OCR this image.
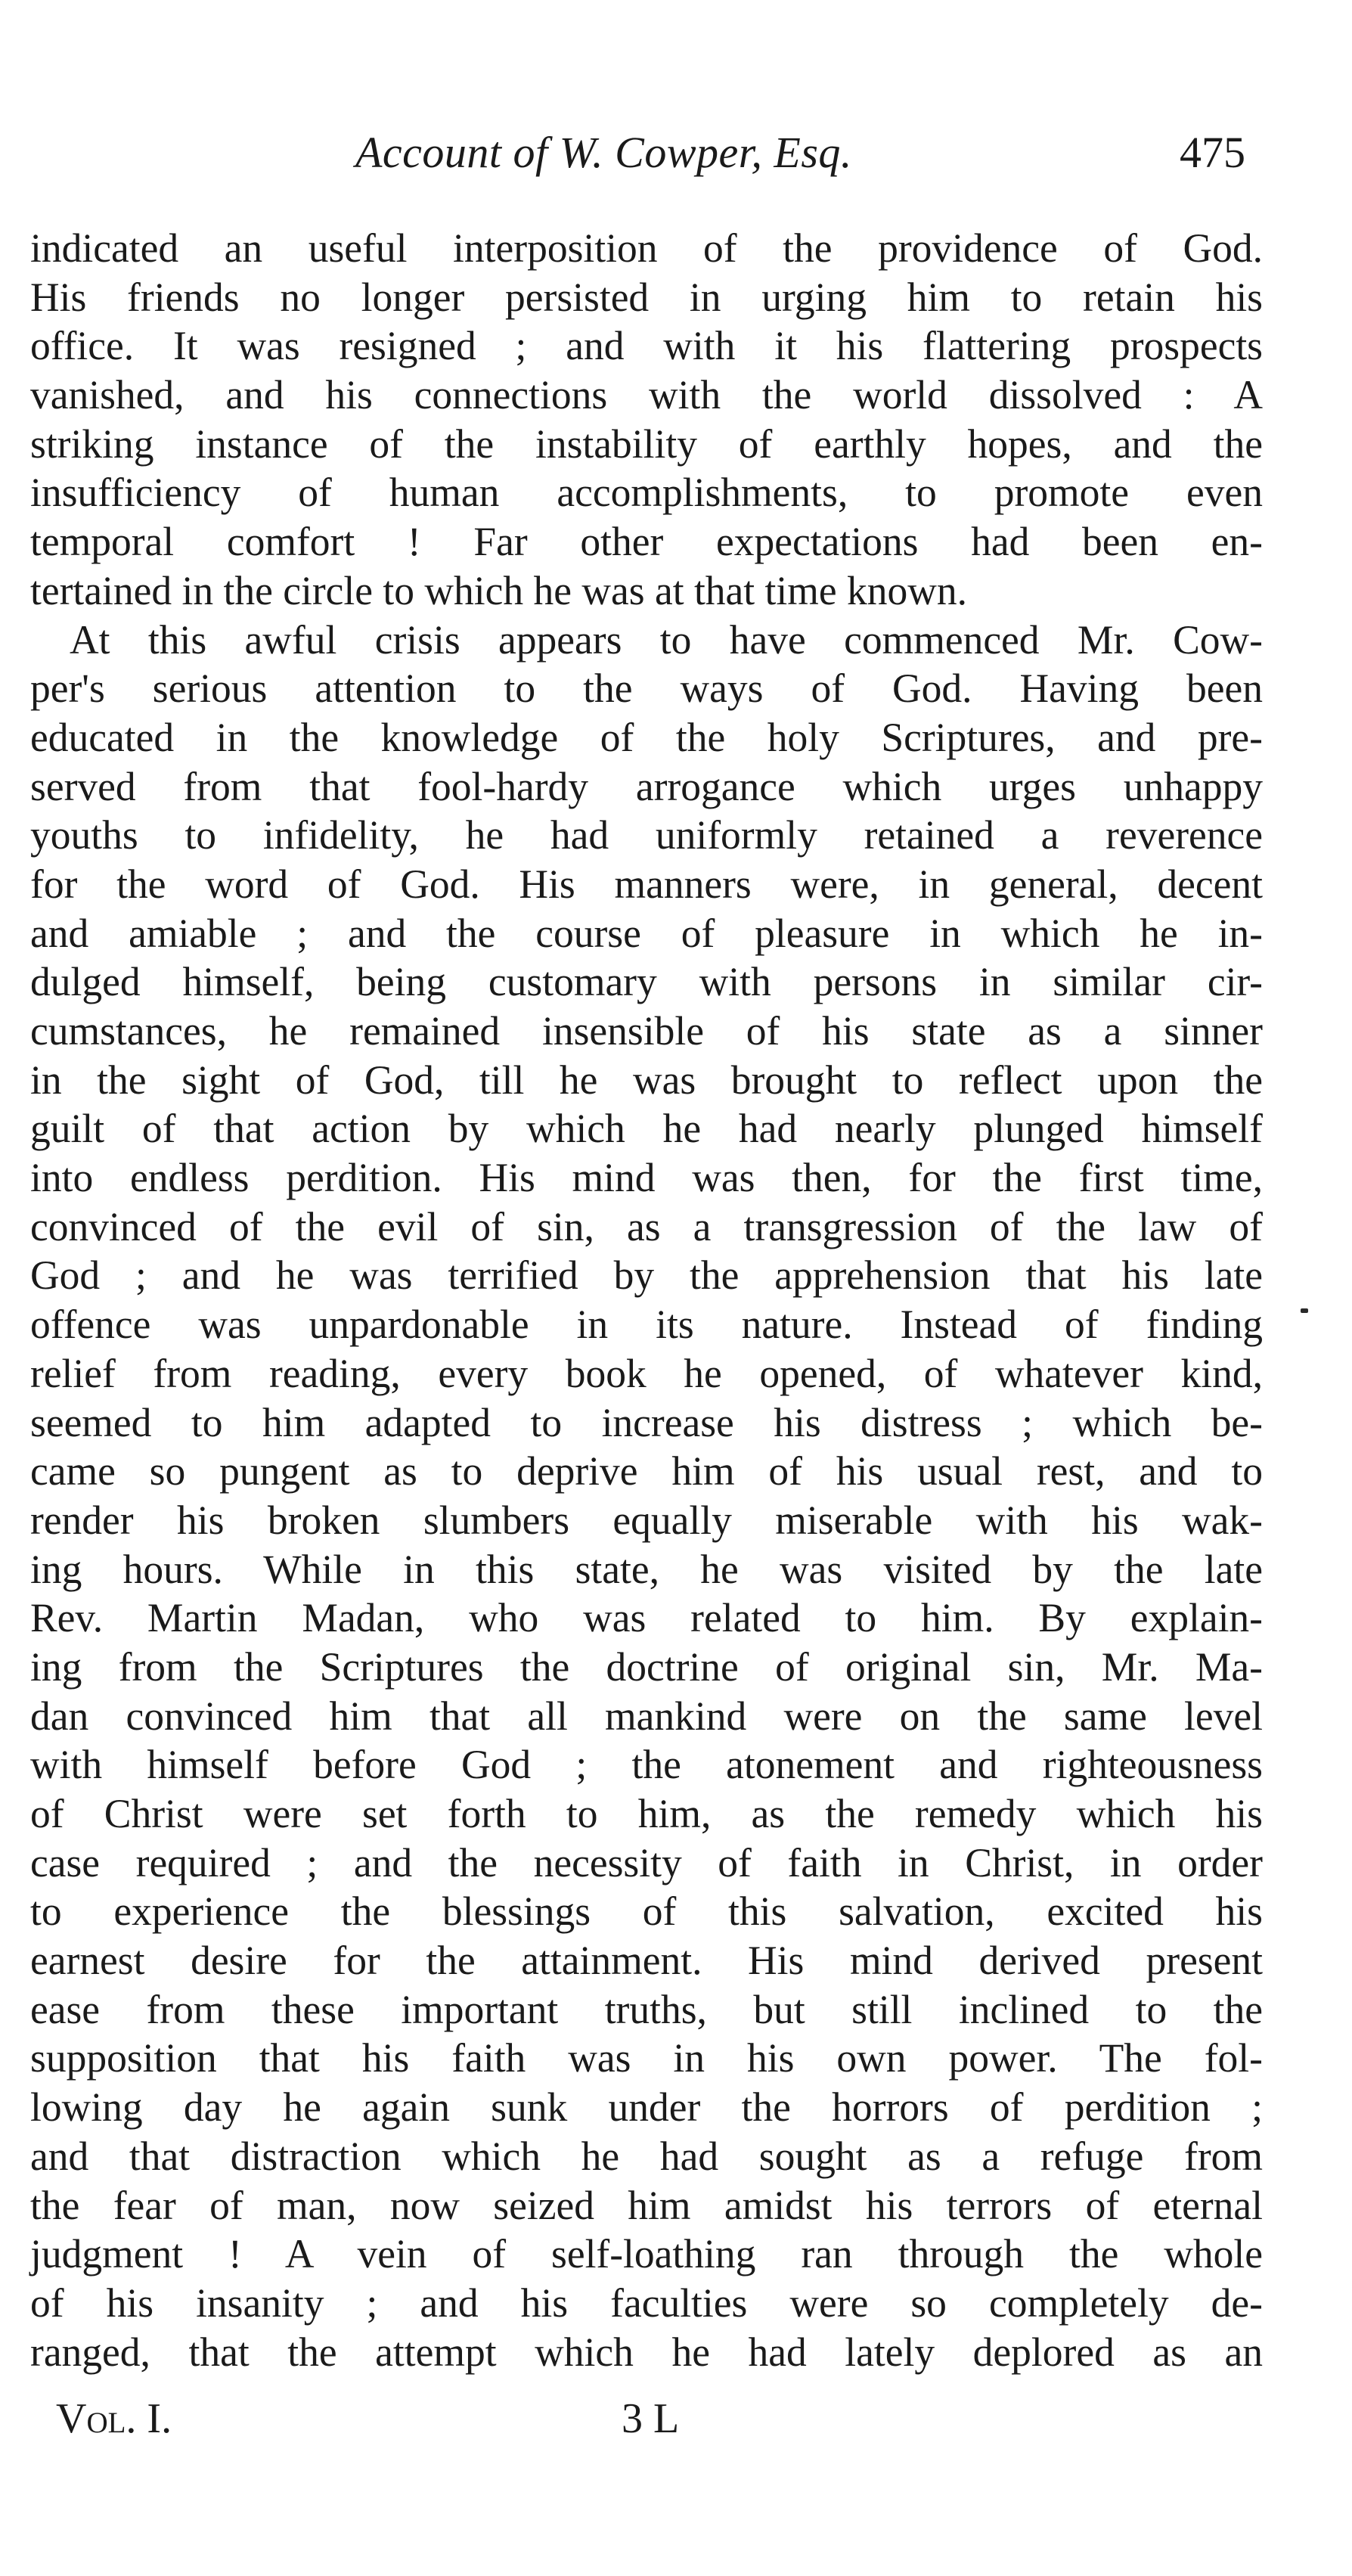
Account of W. Cowper, Esq.	475
indicated an useful interposition of the providence of God.
His friends no longer persisted in urging him to retain his
office. It was resigned ; and with it his flattering prospects
vanished, and his connections with the world dissolved : A
striking instance of the instability of earthly hopes, and the
insufficiency of human accomplishments, to promote even
temporal comfort ! Far other expectations had been en-
tertained in the circle to which he was at that time known.
At this awful crisis appears to have commenced Mr. Cow-
per's serious attention to the ways of God. Having been
educated in the knowledge of the holy Scriptures, and pre-
served from that fool-hardy arrogance which urges unhappy
youths to infidelity, he had uniformly retained a reverence
for the word of God. His manners were, in general, decent
and amiable ; and the course of pleasure in which he in-
dulged himself, being customary with persons in similar cir-
cumstances, he remained insensible of his state as a sinner
in the sight of God, till he was brought to reflect upon the
guilt of that action by which he had nearly plunged himself
into endless perdition. His mind was then, for the first time,
convinced of the evil of sin, as a transgression of the law of
God ; and he was terrified by the apprehension that his late
offence was unpardonable in its nature. Instead of finding
relief from reading, every book he opened, of whatever kind,
seemed to him adapted to increase his distress ; which be-
came so pungent as to deprive him of his usual rest, and to
render his broken slumbers equally miserable with his wak-
ing hours. While in this state, he was visited by the late
Rev. Martin Madan, who was related to him. By explain-
ing from the Scriptures the doctrine of original sin, Mr. Ma-
dan convinced him that all mankind were on the same level
with himself before God ; the atonement and righteousness
of Christ were set forth to him, as the remedy which his
case required ; and the necessity of faith in Christ, in order
to experience the blessings of this salvation, excited his
earnest desire for the attainment. His mind derived present
ease from these important truths, but still inclined to the
supposition that his faith was in his own power. The fol-
lowing day he again sunk under the horrors of perdition ;
and that distraction which he had sought as a refuge from
the fear of man, now seized him amidst his terrors of eternal
judgment ! A vein of self-loathing ran through the whole
of his insanity ; and his faculties were so completely de-
ranged, that the attempt which he had lately deplored as an
Vol. I.	3 L
